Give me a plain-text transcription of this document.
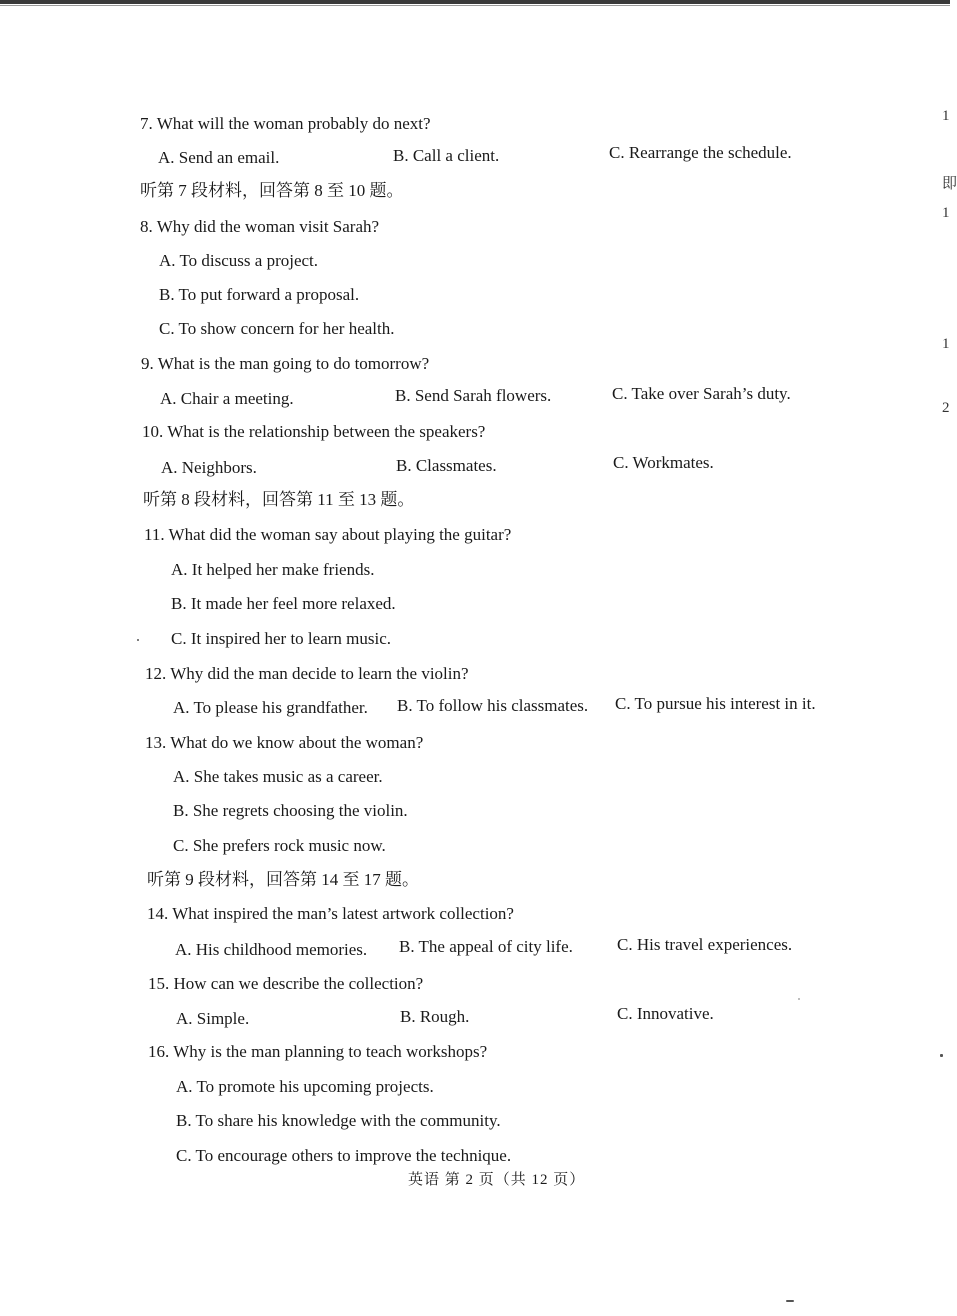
7. What will the woman probably do next?
A. Send an email.	B. Call a client.	C. Rearrange the schedule.
听第 7 段材料，回答第 8 至 10 题。
8. Why did the woman visit Sarah?
A. To discuss a project.
B. To put forward a proposal.
C. To show concern for her health.
9. What is the man going to do tomorrow?
A. Chair a meeting.	B. Send Sarah flowers.	C. Take over Sarah’s duty.
10. What is the relationship between the speakers?
A. Neighbors.	B. Classmates.	C. Workmates.
听第 8 段材料，回答第 11 至 13 题。
11. What did the woman say about playing the guitar?
A. It helped her make friends.
B. It made her feel more relaxed.
C. It inspired her to learn music.
12. Why did the man decide to learn the violin?
A. To please his grandfather. B. To follow his classmates. C. To pursue his interest in it.
13. What do we know about the woman?
A. She takes music as a career.
B. She regrets choosing the violin.
C. She prefers rock music now.
听第 9 段材料，回答第 14 至 17 题。
14. What inspired the man’s latest artwork collection?
A. His childhood memories. B. The appeal of city life.	C. His travel experiences.
15. How can we describe the collection?
A. Simple.	B. Rough.	C. Innovative.
16. Why is the man planning to teach workshops?
A. To promote his upcoming projects.
B. To share his knowledge with the community.
C. To encourage others to improve the technique.
英语 第 2 页（共 12 页）
1
即
1
1
2
